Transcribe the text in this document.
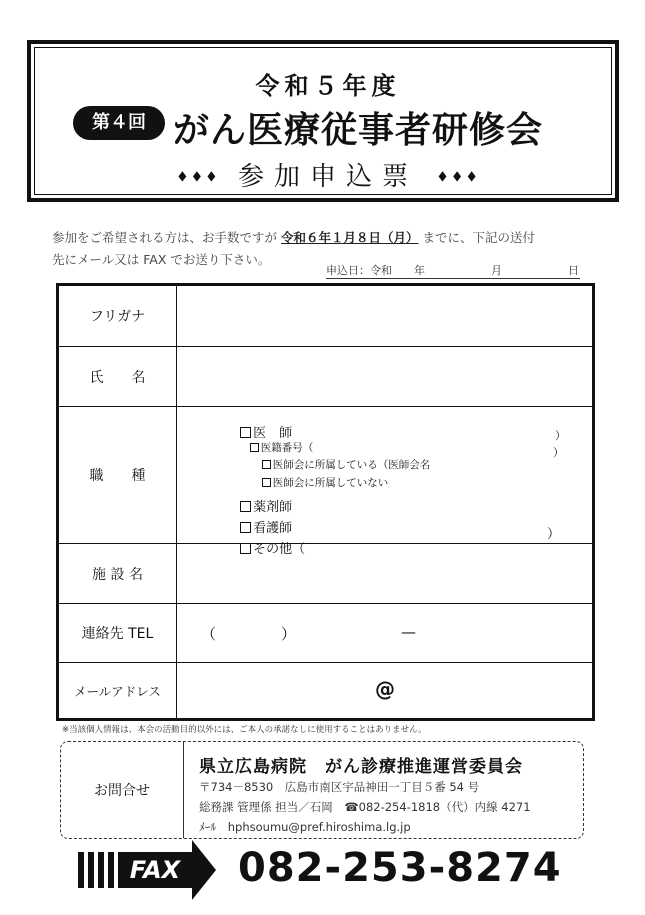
令和５年度
第４回 がん医療従事者研修会
♦♦♦ 参加申込票 ♦♦♦
参加をご希望される方は、お手数ですが 令和６年１月８日（月） までに、下記の送付
先にメール又は FAX でお送り下さい。
申込日：令和　　年　　　　　　月　　　　　　日
フリガナ
氏　　名
職　　種

医　師

医籍番号（

）

医師会に所属している（医師会名

）

医師会に所属していない

薬剤師

看護師

その他（

）
施 設 名
連絡先 TEL	（	）	—
メールアドレス	@
※当該個人情報は、本会の活動目的以外には、ご本人の承諾なしに使用することはありません。
お問合せ
県立広島病院　がん診療推進運営委員会
〒734－8530　広島市南区宇品神田一丁目５番 54 号
総務課 管理係 担当／石岡　☎082-254-1818（代）内線 4271
ﾒｰﾙ　hphsoumu@pref.hiroshima.lg.jp
FAX 082-253-8274
